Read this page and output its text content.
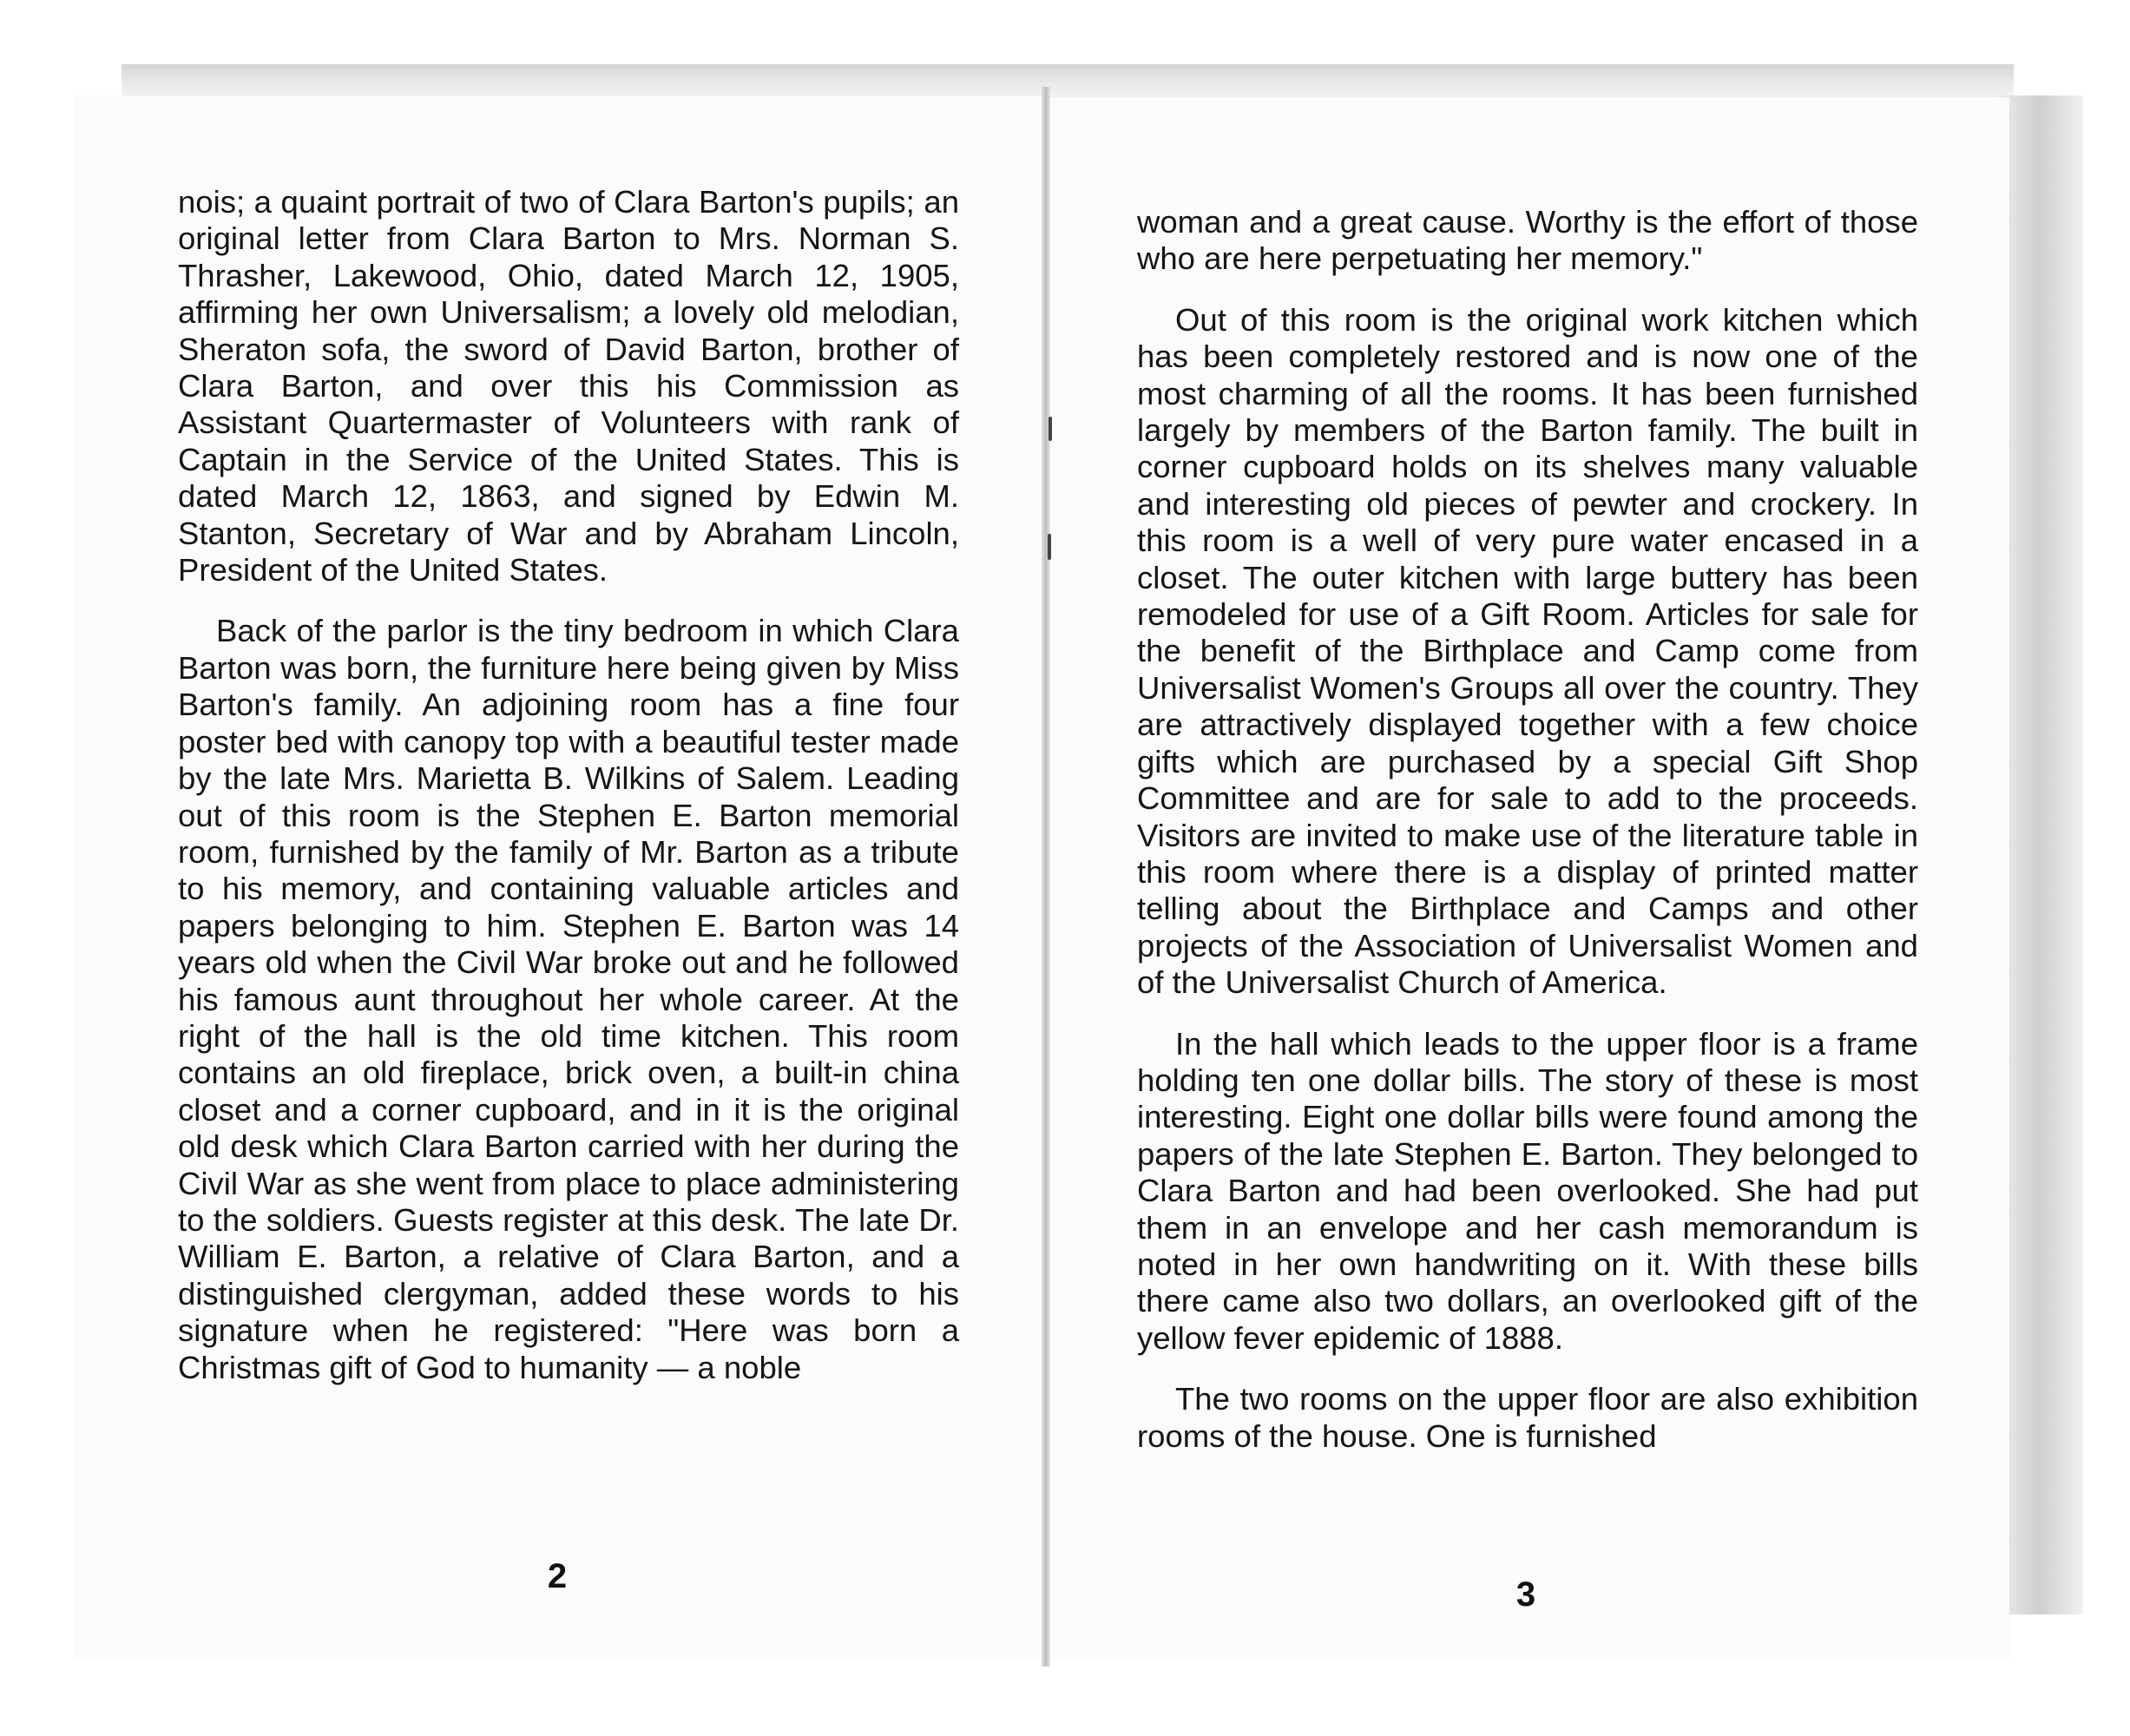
nois; a quaint portrait of two of Clara Barton's pupils; an original letter from Clara Barton to Mrs. Norman S. Thrasher, Lakewood, Ohio, dated March 12, 1905, affirming her own Universalism; a lovely old melodian, Sheraton sofa, the sword of David Barton, brother of Clara Barton, and over this his Commission as Assistant Quartermaster of Volunteers with rank of Captain in the Service of the United States. This is dated March 12, 1863, and signed by Edwin M. Stanton, Secretary of War and by Abraham Lincoln, President of the United States.

Back of the parlor is the tiny bedroom in which Clara Barton was born, the furniture here being given by Miss Barton's family. An adjoining room has a fine four poster bed with canopy top with a beautiful tester made by the late Mrs. Marietta B. Wilkins of Salem. Leading out of this room is the Stephen E. Barton memorial room, furnished by the family of Mr. Barton as a tribute to his memory, and containing valuable articles and papers belonging to him. Stephen E. Barton was 14 years old when the Civil War broke out and he followed his famous aunt throughout her whole career. At the right of the hall is the old time kitchen. This room contains an old fireplace, brick oven, a built-in china closet and a corner cupboard, and in it is the original old desk which Clara Barton carried with her during the Civil War as she went from place to place administering to the soldiers. Guests register at this desk. The late Dr. William E. Barton, a relative of Clara Barton, and a distinguished clergyman, added these words to his signature when he registered: "Here was born a Christmas gift of God to humanity — a noble

2

woman and a great cause. Worthy is the effort of those who are here perpetuating her memory."

Out of this room is the original work kitchen which has been completely restored and is now one of the most charming of all the rooms. It has been furnished largely by members of the Barton family. The built in corner cupboard holds on its shelves many valuable and interesting old pieces of pewter and crockery. In this room is a well of very pure water encased in a closet. The outer kitchen with large buttery has been remodeled for use of a Gift Room. Articles for sale for the benefit of the Birthplace and Camp come from Universalist Women's Groups all over the country. They are attractively displayed together with a few choice gifts which are purchased by a special Gift Shop Committee and are for sale to add to the proceeds. Visitors are invited to make use of the literature table in this room where there is a display of printed matter telling about the Birthplace and Camps and other projects of the Association of Universalist Women and of the Universalist Church of America.

In the hall which leads to the upper floor is a frame holding ten one dollar bills. The story of these is most interesting. Eight one dollar bills were found among the papers of the late Stephen E. Barton. They belonged to Clara Barton and had been overlooked. She had put them in an envelope and her cash memorandum is noted in her own handwriting on it. With these bills there came also two dollars, an overlooked gift of the yellow fever epidemic of 1888.

The two rooms on the upper floor are also exhibition rooms of the house. One is furnished

3
